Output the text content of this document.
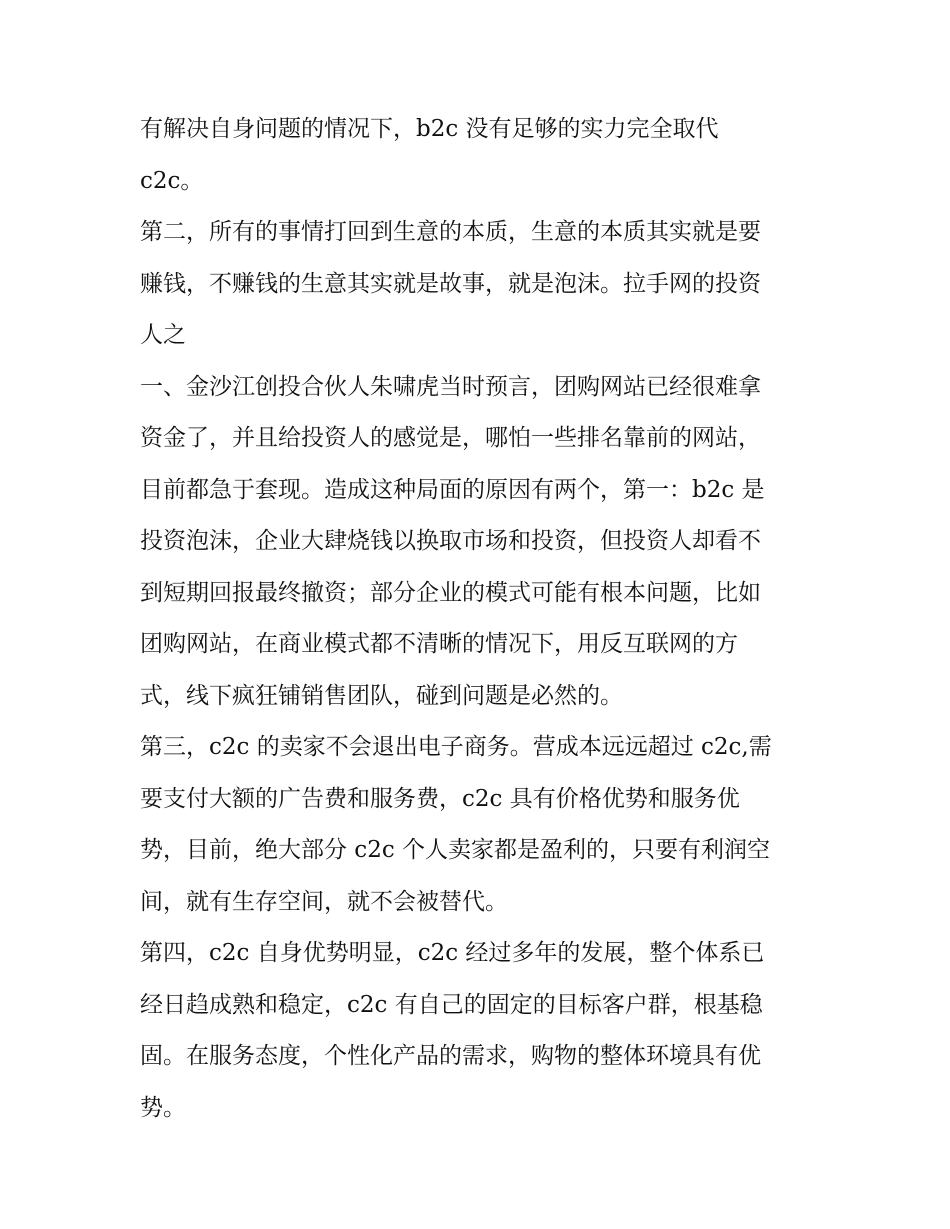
有解决自身问题的情况下，b2c 没有足够的实力完全取代
c2c。
第二，所有的事情打回到生意的本质，生意的本质其实就是要
赚钱，不赚钱的生意其实就是故事，就是泡沫。拉手网的投资
人之
一、金沙江创投合伙人朱啸虎当时预言，团购网站已经很难拿
资金了，并且给投资人的感觉是，哪怕一些排名靠前的网站，
目前都急于套现。造成这种局面的原因有两个，第一：b2c 是
投资泡沫，企业大肆烧钱以换取市场和投资，但投资人却看不
到短期回报最终撤资；部分企业的模式可能有根本问题，比如
团购网站，在商业模式都不清晰的情况下，用反互联网的方
式，线下疯狂铺销售团队，碰到问题是必然的。
第三，c2c 的卖家不会退出电子商务。营成本远远超过 c2c,需
要支付大额的广告费和服务费，c2c 具有价格优势和服务优
势，目前，绝大部分 c2c 个人卖家都是盈利的，只要有利润空
间，就有生存空间，就不会被替代。
第四，c2c 自身优势明显，c2c 经过多年的发展，整个体系已
经日趋成熟和稳定，c2c 有自己的固定的目标客户群，根基稳
固。在服务态度，个性化产品的需求，购物的整体环境具有优
势。
